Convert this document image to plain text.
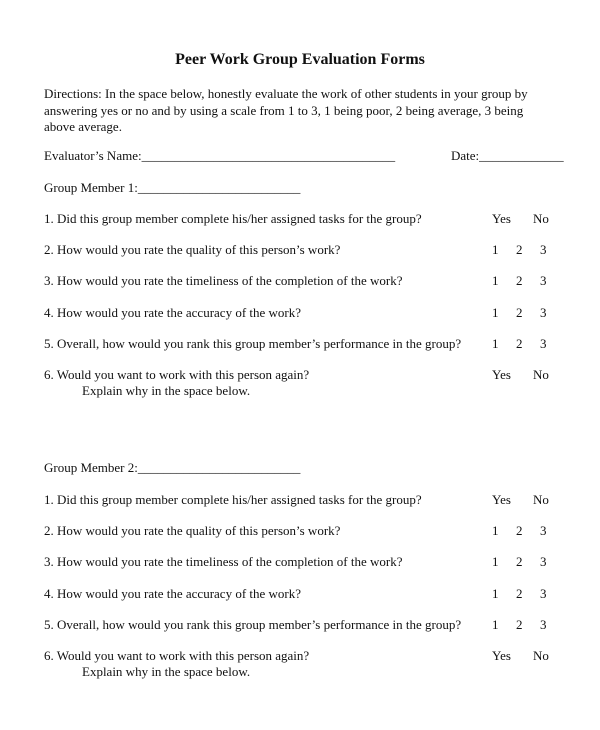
Peer Work Group Evaluation Forms
Directions: In the space below, honestly evaluate the work of other students in your group by
answering yes or no and by using a scale from 1 to 3, 1 being poor, 2 being average, 3 being
above average.
Evaluator’s Name:_______________________________________	Date:_____________
Group Member 1:_________________________
1. Did this group member complete his/her assigned tasks for the group?	Yes No
2. How would you rate the quality of this person’s work?	1 2 3
3. How would you rate the timeliness of the completion of the work?	1 2 3
4. How would you rate the accuracy of the work?	1 2 3
5. Overall, how would you rank this group member’s performance in the group? 1 2 3
6. Would you want to work with this person again?	Yes No
Explain why in the space below.
Group Member 2:_________________________
1. Did this group member complete his/her assigned tasks for the group?	Yes No
2. How would you rate the quality of this person’s work?	1 2 3
3. How would you rate the timeliness of the completion of the work?	1 2 3
4. How would you rate the accuracy of the work?	1 2 3
5. Overall, how would you rank this group member’s performance in the group? 1 2 3
6. Would you want to work with this person again?	Yes No
Explain why in the space below.
